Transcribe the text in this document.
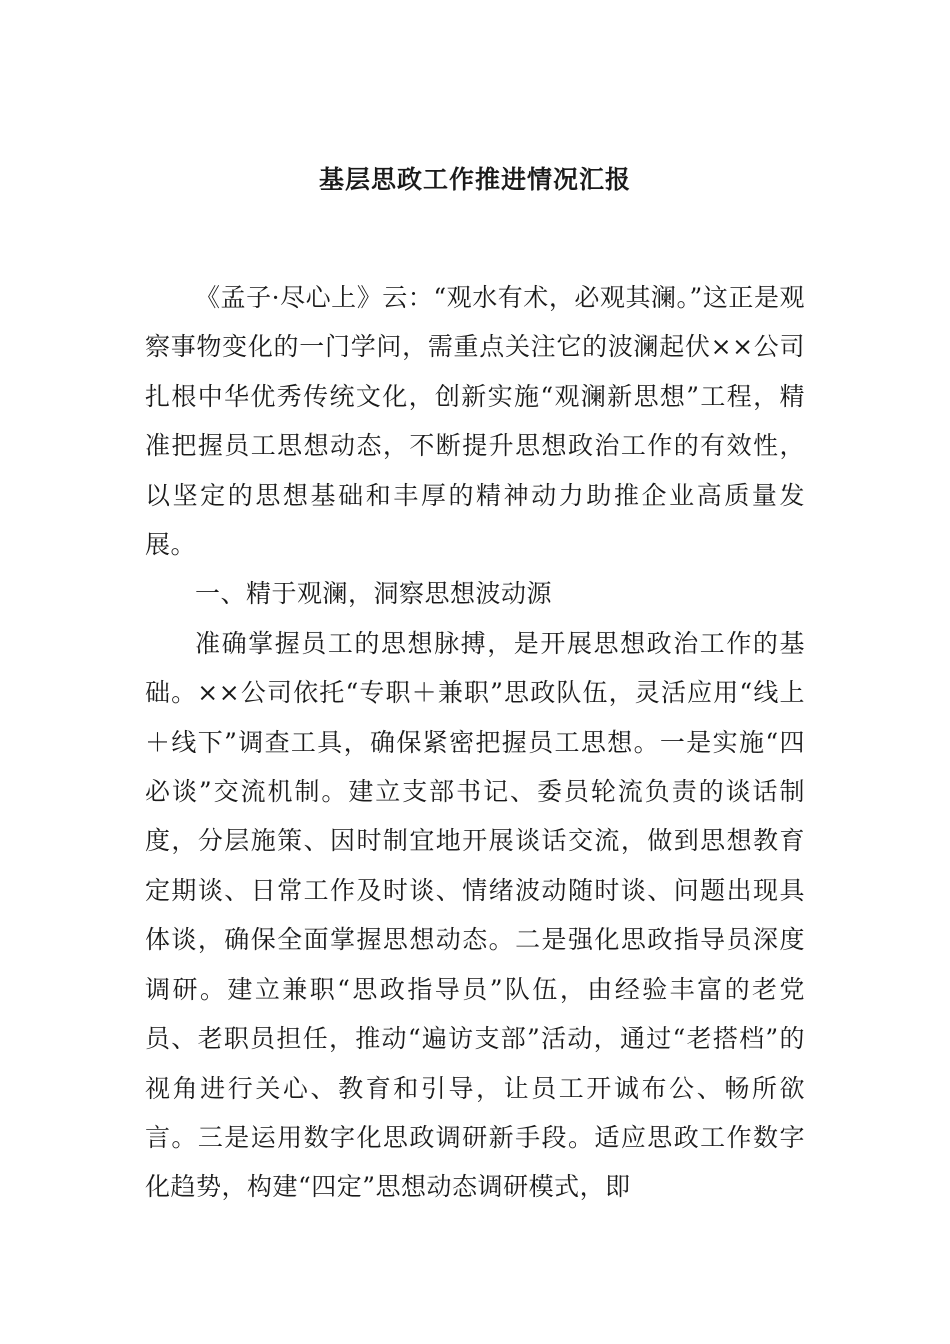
基层思政工作推进情况汇报

《孟子·尽心上》云：“观水有术，必观其澜。”这正是观察事物变化的一门学问，需重点关注它的波澜起伏××公司扎根中华优秀传统文化，创新实施“观澜新思想”工程，精准把握员工思想动态，不断提升思想政治工作的有效性，以坚定的思想基础和丰厚的精神动力助推企业高质量发展。

一、精于观澜，洞察思想波动源

准确掌握员工的思想脉搏，是开展思想政治工作的基础。××公司依托“专职＋兼职”思政队伍，灵活应用“线上＋线下”调查工具，确保紧密把握员工思想。一是实施“四必谈”交流机制。建立支部书记、委员轮流负责的谈话制度，分层施策、因时制宜地开展谈话交流，做到思想教育定期谈、日常工作及时谈、情绪波动随时谈、问题出现具体谈，确保全面掌握思想动态。二是强化思政指导员深度调研。建立兼职“思政指导员”队伍，由经验丰富的老党员、老职员担任，推动“遍访支部”活动，通过“老搭档”的视角进行关心、教育和引导，让员工开诚布公、畅所欲言。三是运用数字化思政调研新手段。适应思政工作数字化趋势，构建“四定”思想动态调研模式，即
